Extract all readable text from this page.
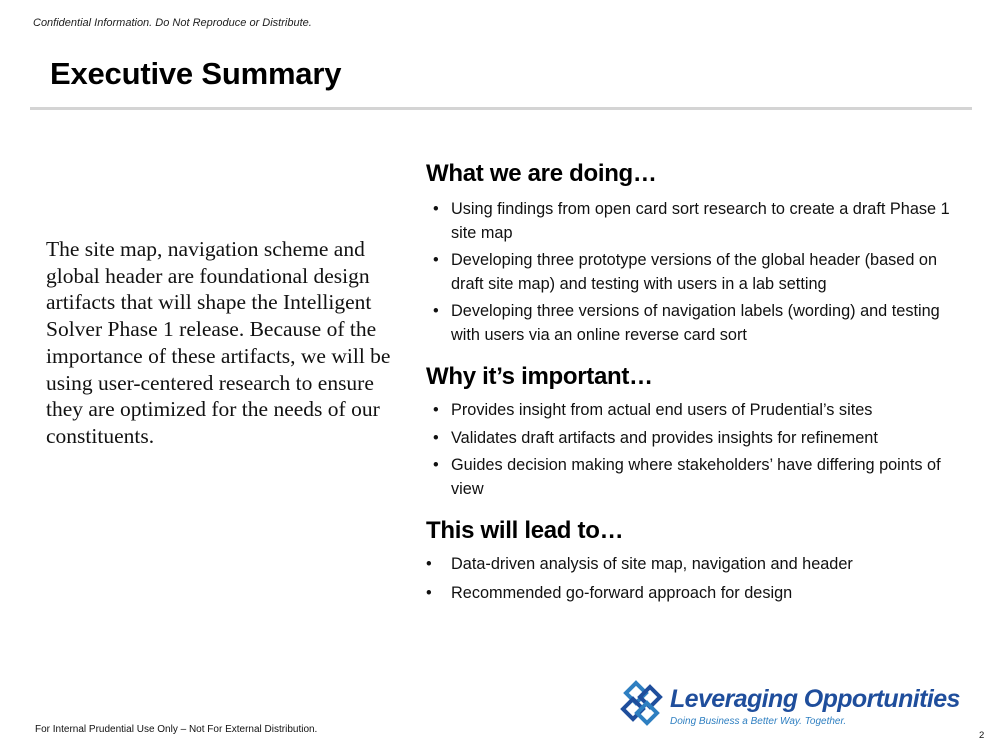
Confidential Information. Do Not Reproduce or Distribute.
Executive Summary

The site map, navigation scheme and global header are foundational design artifacts that will shape the Intelligent Solver Phase 1 release. Because of the importance of these artifacts, we will be using user-centered research to ensure they are optimized for the needs of our constituents.

What we are doing…
• Using findings from open card sort research to create a draft Phase 1 site map
• Developing three prototype versions of the global header (based on draft site map) and testing with users in a lab setting
• Developing three versions of navigation labels (wording) and testing with users via an online reverse card sort
Why it’s important…
• Provides insight from actual end users of Prudential’s sites
• Validates draft artifacts and provides insights for refinement
• Guides decision making where stakeholders’ have differing points of view
This will lead to…
• Data-driven analysis of site map, navigation and header
• Recommended go-forward approach for design
Leveraging Opportunities
Doing Business a Better Way. Together.
For Internal Prudential Use Only – Not For External Distribution.
2
